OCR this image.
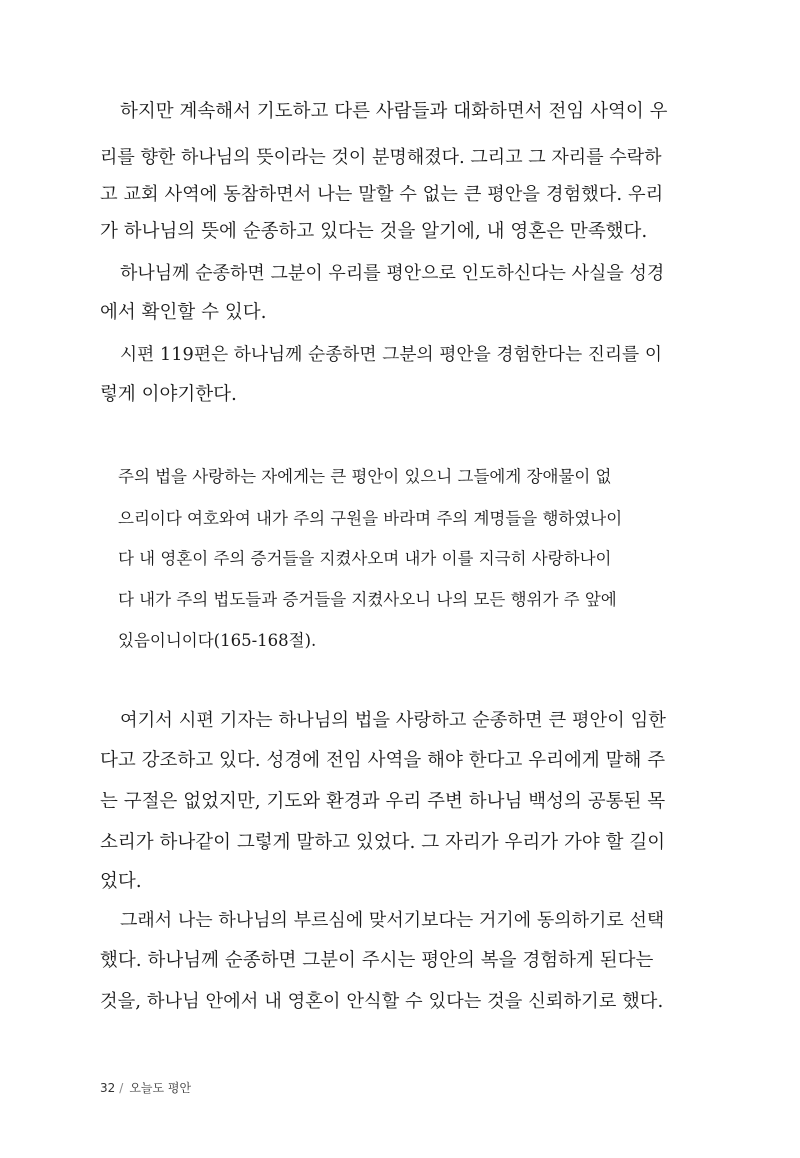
하지만 계속해서 기도하고 다른 사람들과 대화하면서 전임 사역이 우

리를 향한 하나님의 뜻이라는 것이 분명해졌다. 그리고 그 자리를 수락하

고 교회 사역에 동참하면서 나는 말할 수 없는 큰 평안을 경험했다. 우리

가 하나님의 뜻에 순종하고 있다는 것을 알기에, 내 영혼은 만족했다.

하나님께 순종하면 그분이 우리를 평안으로 인도하신다는 사실을 성경

에서 확인할 수 있다.

시편 119편은 하나님께 순종하면 그분의 평안을 경험한다는 진리를 이

렇게 이야기한다.

주의 법을 사랑하는 자에게는 큰 평안이 있으니 그들에게 장애물이 없

으리이다 여호와여 내가 주의 구원을 바라며 주의 계명들을 행하였나이

다 내 영혼이 주의 증거들을 지켰사오며 내가 이를 지극히 사랑하나이

다 내가 주의 법도들과 증거들을 지켰사오니 나의 모든 행위가 주 앞에

있음이니이다(165-168절).

여기서 시편 기자는 하나님의 법을 사랑하고 순종하면 큰 평안이 임한

다고 강조하고 있다. 성경에 전임 사역을 해야 한다고 우리에게 말해 주

는 구절은 없었지만, 기도와 환경과 우리 주변 하나님 백성의 공통된 목

소리가 하나같이 그렇게 말하고 있었다. 그 자리가 우리가 가야 할 길이

었다.

그래서 나는 하나님의 부르심에 맞서기보다는 거기에 동의하기로 선택

했다. 하나님께 순종하면 그분이 주시는 평안의 복을 경험하게 된다는

것을, 하나님 안에서 내 영혼이 안식할 수 있다는 것을 신뢰하기로 했다.

32 / 오늘도 평안
